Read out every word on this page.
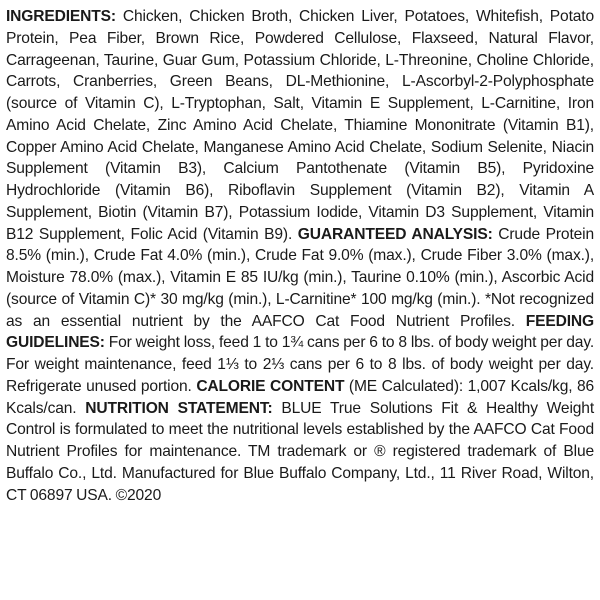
INGREDIENTS: Chicken, Chicken Broth, Chicken Liver, Potatoes, Whitefish, Potato Protein, Pea Fiber, Brown Rice, Powdered Cellulose, Flaxseed, Natural Flavor, Carrageenan, Taurine, Guar Gum, Potassium Chloride, L-Threonine, Choline Chloride, Carrots, Cranberries, Green Beans, DL-Methionine, L-Ascorbyl-2-Polyphosphate (source of Vitamin C), L-Tryptophan, Salt, Vitamin E Supplement, L-Carnitine, Iron Amino Acid Chelate, Zinc Amino Acid Chelate, Thiamine Mononitrate (Vitamin B1), Copper Amino Acid Chelate, Manganese Amino Acid Chelate, Sodium Selenite, Niacin Supplement (Vitamin B3), Calcium Pantothenate (Vitamin B5), Pyridoxine Hydrochloride (Vitamin B6), Riboflavin Supplement (Vitamin B2), Vitamin A Supplement, Biotin (Vitamin B7), Potassium Iodide, Vitamin D3 Supplement, Vitamin B12 Supplement, Folic Acid (Vitamin B9). GUARANTEED ANALYSIS: Crude Protein 8.5% (min.), Crude Fat 4.0% (min.), Crude Fat 9.0% (max.), Crude Fiber 3.0% (max.), Moisture 78.0% (max.), Vitamin E 85 IU/kg (min.), Taurine 0.10% (min.), Ascorbic Acid (source of Vitamin C)* 30 mg/kg (min.), L-Carnitine* 100 mg/kg (min.). *Not recognized as an essential nutrient by the AAFCO Cat Food Nutrient Profiles. FEEDING GUIDELINES: For weight loss, feed 1 to 1¾ cans per 6 to 8 lbs. of body weight per day. For weight maintenance, feed 1⅓ to 2⅓ cans per 6 to 8 lbs. of body weight per day. Refrigerate unused portion. CALORIE CONTENT (ME Calculated): 1,007 Kcals/kg, 86 Kcals/can. NUTRITION STATEMENT: BLUE True Solutions Fit & Healthy Weight Control is formulated to meet the nutritional levels established by the AAFCO Cat Food Nutrient Profiles for maintenance. TM trademark or ® registered trademark of Blue Buffalo Co., Ltd. Manufactured for Blue Buffalo Company, Ltd., 11 River Road, Wilton, CT 06897 USA. ©2020
